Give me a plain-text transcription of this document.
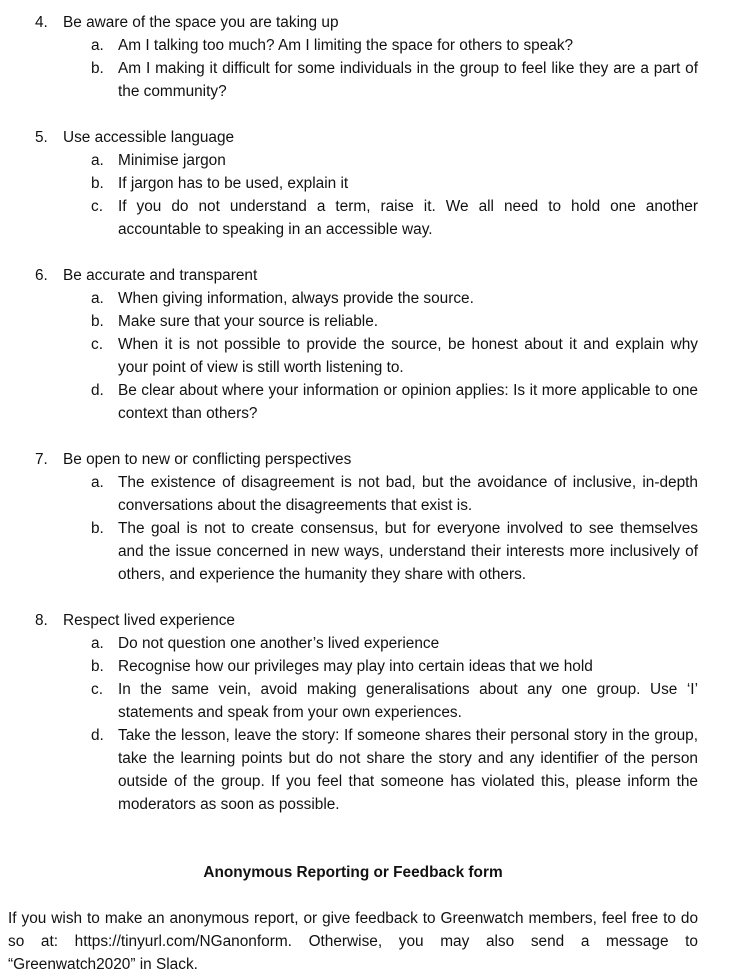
4. Be aware of the space you are taking up
a. Am I talking too much? Am I limiting the space for others to speak?
b. Am I making it difficult for some individuals in the group to feel like they are a part of the community?
5. Use accessible language
a. Minimise jargon
b. If jargon has to be used, explain it
c. If you do not understand a term, raise it. We all need to hold one another accountable to speaking in an accessible way.
6. Be accurate and transparent
a. When giving information, always provide the source.
b. Make sure that your source is reliable.
c. When it is not possible to provide the source, be honest about it and explain why your point of view is still worth listening to.
d. Be clear about where your information or opinion applies: Is it more applicable to one context than others?
7. Be open to new or conflicting perspectives
a. The existence of disagreement is not bad, but the avoidance of inclusive, in-depth conversations about the disagreements that exist is.
b. The goal is not to create consensus, but for everyone involved to see themselves and the issue concerned in new ways, understand their interests more inclusively of others, and experience the humanity they share with others.
8. Respect lived experience
a. Do not question one another’s lived experience
b. Recognise how our privileges may play into certain ideas that we hold
c. In the same vein, avoid making generalisations about any one group. Use ‘I’ statements and speak from your own experiences.
d. Take the lesson, leave the story: If someone shares their personal story in the group, take the learning points but do not share the story and any identifier of the person outside of the group. If you feel that someone has violated this, please inform the moderators as soon as possible.
Anonymous Reporting or Feedback form
If you wish to make an anonymous report, or give feedback to Greenwatch members, feel free to do so at: https://tinyurl.com/NGanonform. Otherwise, you may also send a message to “Greenwatch2020” in Slack.
